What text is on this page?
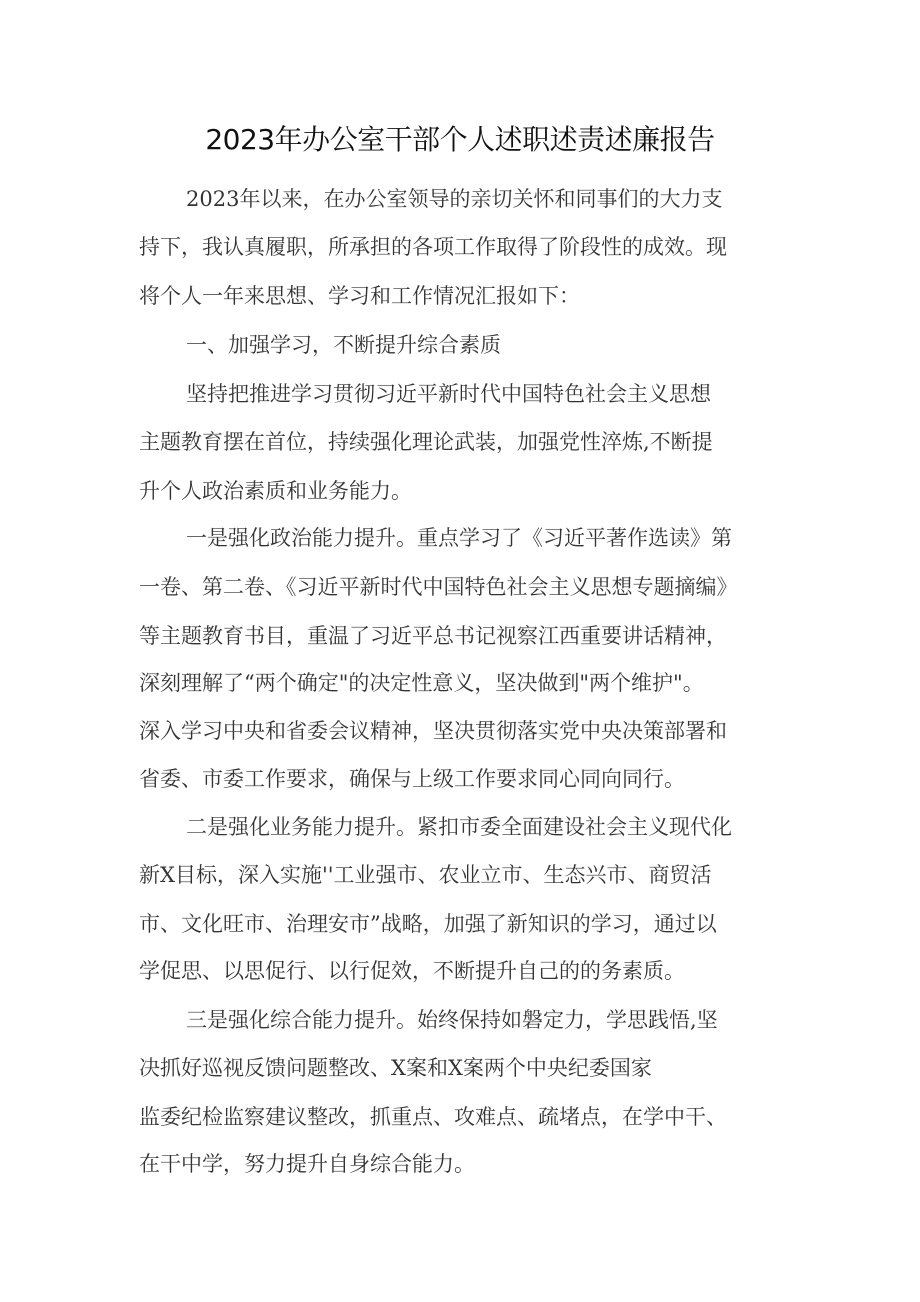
2023年办公室干部个人述职述责述廉报告
2023年以来，在办公室领导的亲切关怀和同事们的大力支
持下，我认真履职，所承担的各项工作取得了阶段性的成效。现
将个人一年来思想、学习和工作情况汇报如下：
一、加强学习，不断提升综合素质
坚持把推进学习贯彻习近平新时代中国特色社会主义思想
主题教育摆在首位，持续强化理论武装，加强党性淬炼,不断提
升个人政治素质和业务能力。
一是强化政治能力提升。重点学习了《习近平著作选读》第
一卷、第二卷、《习近平新时代中国特色社会主义思想专题摘编》
等主题教育书目，重温了习近平总书记视察江西重要讲话精神，
深刻理解了“两个确定"的决定性意义，坚决做到"两个维护"。
深入学习中央和省委会议精神，坚决贯彻落实党中央决策部署和
省委、市委工作要求，确保与上级工作要求同心同向同行。
二是强化业务能力提升。紧扣市委全面建设社会主义现代化
新X目标，深入实施''工业强市、农业立市、生态兴市、商贸活
市、文化旺市、治理安市”战略，加强了新知识的学习，通过以
学促思、以思促行、以行促效，不断提升自己的的务素质。
三是强化综合能力提升。始终保持如磐定力，学思践悟,坚
决抓好巡视反馈问题整改、X案和X案两个中央纪委国家
监委纪检监察建议整改，抓重点、攻难点、疏堵点，在学中干、
在干中学，努力提升自身综合能力。
